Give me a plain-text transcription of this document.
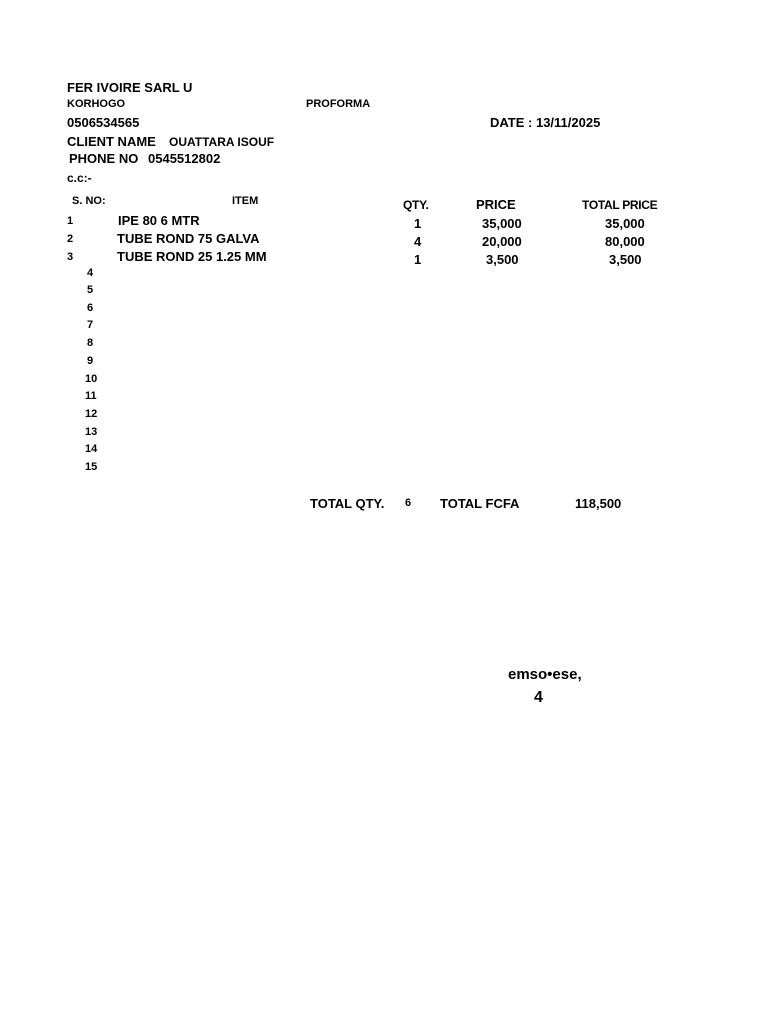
FER IVOIRE SARL U
KORHOGO	PROFORMA
0506534565	DATE : 13/11/2025
CLIENT NAME OUATTARA ISOUF
PHONE NO 0545512802
c.c:-
S. NO:	ITEM	QTY.	PRICE	TOTAL PRICE
1	IPE 80 6 MTR	1	35,000	35,000
2	TUBE ROND 75 GALVA	4	20,000	80,000
3	TUBE ROND 25 1.25 MM	1	3,500	3,500
4
5
6
7
8
9
10
11
12
13
14
15
TOTAL QTY. 6 TOTAL FCFA	118,500
emso•ese,
4
